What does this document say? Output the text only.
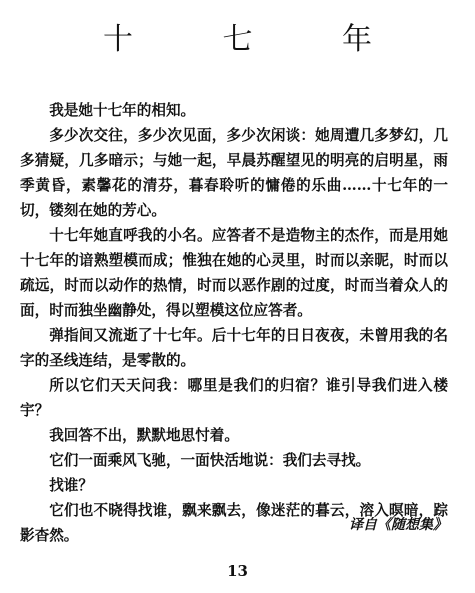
十 七 年

我是她十七年的相知。

多少次交往，多少次见面，多少次闲谈：她周遭几多梦幻，几多猜疑，几多暗示；与她一起，早晨苏醒望见的明亮的启明星，雨季黄昏，素馨花的清芬，暮春聆听的慵倦的乐曲……十七年的一切，镂刻在她的芳心。

十七年她直呼我的小名。应答者不是造物主的杰作，而是用她十七年的谙熟塑模而成；惟独在她的心灵里，时而以亲昵，时而以疏远，时而以动作的热情，时而以恶作剧的过度，时而当着众人的面，时而独坐幽静处，得以塑模这位应答者。

弹指间又流逝了十七年。后十七年的日日夜夜，未曾用我的名字的圣线连结，是零散的。

所以它们天天问我：哪里是我们的归宿？谁引导我们进入楼宇？

我回答不出，默默地思忖着。

它们一面乘风飞驰，一面快活地说：我们去寻找。

找谁？

它们也不晓得找谁，飘来飘去，像迷茫的暮云，溶入暝暗，踪影杳然。

译自《随想集》
13
